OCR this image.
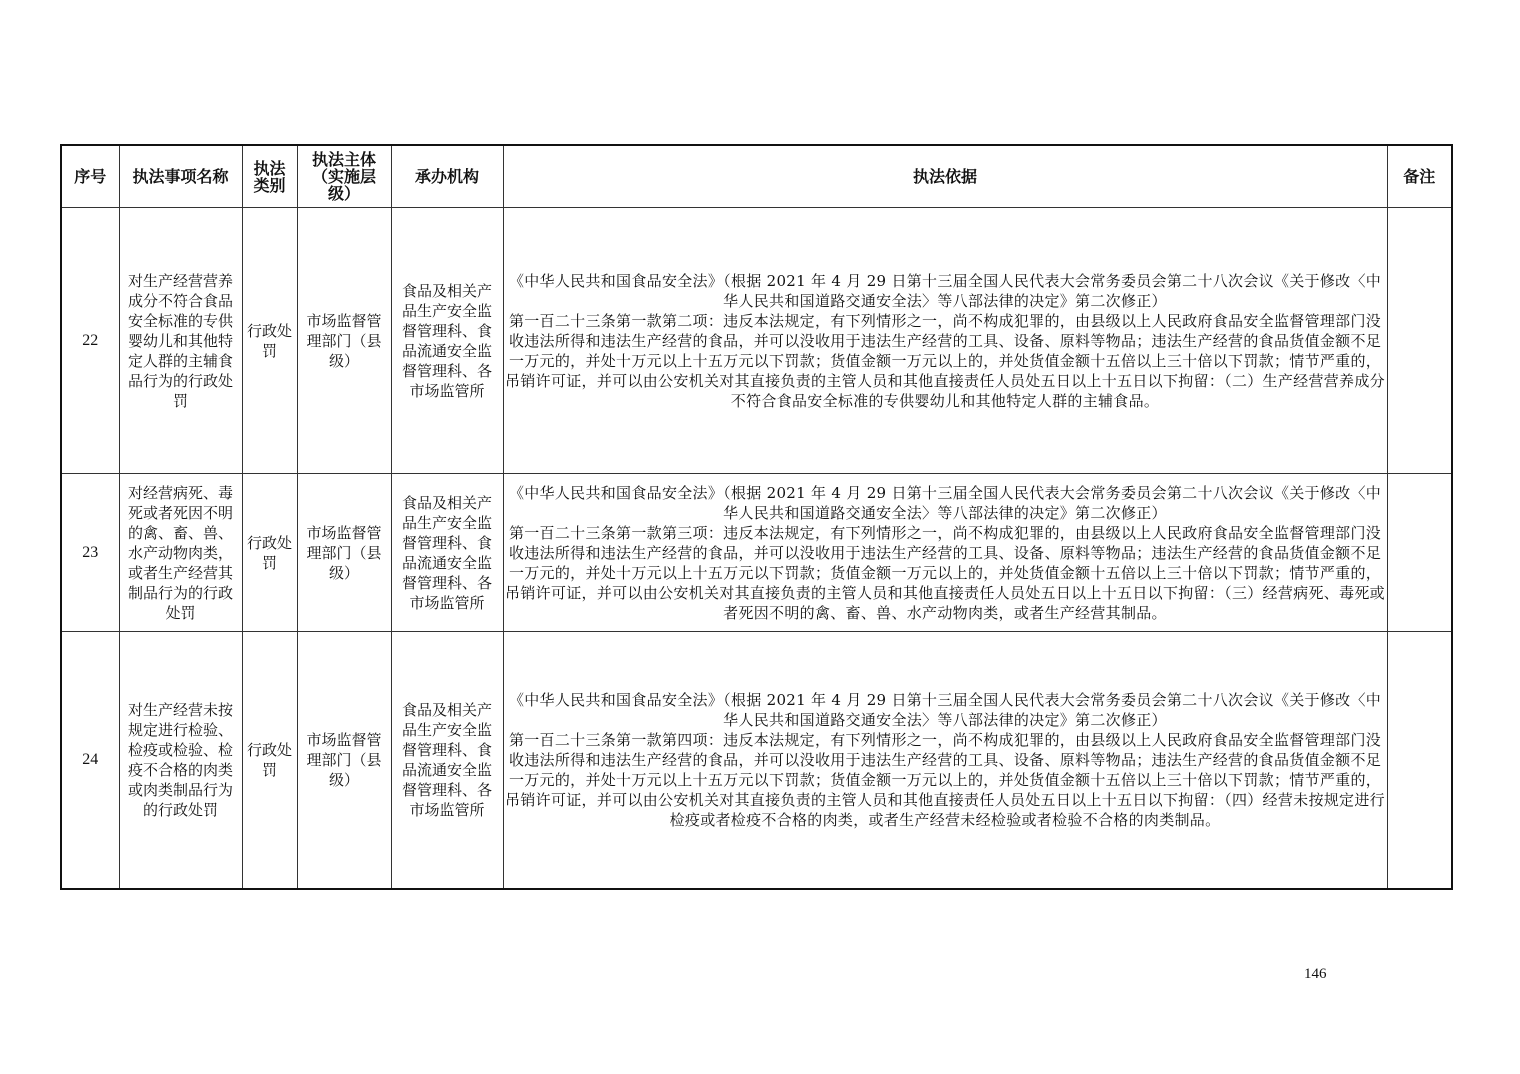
序号	执法事项名称	执法类别	执法主体（实施层级）	承办机构	执法依据	备注

22	对生产经营营养成分不符合食品安全标准的专供婴幼儿和其他特定人群的主辅食品行为的行政处罚	行政处罚	市场监督管理部门（县级）	食品及相关产品生产安全监督管理科、食品流通安全监督管理科、各市场监管所	《中华人民共和国食品安全法》（根据 2021 年 4 月 29 日第十三届全国人民代表大会常务委员会第二十八次会议《关于修改〈中华人民共和国道路交通安全法〉等八部法律的决定》第二次修正）
第一百二十三条第一款第二项：违反本法规定，有下列情形之一，尚不构成犯罪的，由县级以上人民政府食品安全监督管理部门没收违法所得和违法生产经营的食品，并可以没收用于违法生产经营的工具、设备、原料等物品；违法生产经营的食品货值金额不足一万元的，并处十万元以上十五万元以下罚款；货值金额一万元以上的，并处货值金额十五倍以上三十倍以下罚款；情节严重的，吊销许可证，并可以由公安机关对其直接负责的主管人员和其他直接责任人员处五日以上十五日以下拘留：（二）生产经营营养成分不符合食品安全标准的专供婴幼儿和其他特定人群的主辅食品。	

23	对经营病死、毒死或者死因不明的禽、畜、兽、水产动物肉类，或者生产经营其制品行为的行政处罚	行政处罚	市场监督管理部门（县级）	食品及相关产品生产安全监督管理科、食品流通安全监督管理科、各市场监管所	《中华人民共和国食品安全法》（根据 2021 年 4 月 29 日第十三届全国人民代表大会常务委员会第二十八次会议《关于修改〈中华人民共和国道路交通安全法〉等八部法律的决定》第二次修正）
第一百二十三条第一款第三项：违反本法规定，有下列情形之一，尚不构成犯罪的，由县级以上人民政府食品安全监督管理部门没收违法所得和违法生产经营的食品，并可以没收用于违法生产经营的工具、设备、原料等物品；违法生产经营的食品货值金额不足一万元的，并处十万元以上十五万元以下罚款；货值金额一万元以上的，并处货值金额十五倍以上三十倍以下罚款；情节严重的，吊销许可证，并可以由公安机关对其直接负责的主管人员和其他直接责任人员处五日以上十五日以下拘留：（三）经营病死、毒死或者死因不明的禽、畜、兽、水产动物肉类，或者生产经营其制品。	

24	对生产经营未按规定进行检验、检疫或检验、检疫不合格的肉类或肉类制品行为的行政处罚	行政处罚	市场监督管理部门（县级）	食品及相关产品生产安全监督管理科、食品流通安全监督管理科、各市场监管所	《中华人民共和国食品安全法》（根据 2021 年 4 月 29 日第十三届全国人民代表大会常务委员会第二十八次会议《关于修改〈中华人民共和国道路交通安全法〉等八部法律的决定》第二次修正）
第一百二十三条第一款第四项：违反本法规定，有下列情形之一，尚不构成犯罪的，由县级以上人民政府食品安全监督管理部门没收违法所得和违法生产经营的食品，并可以没收用于违法生产经营的工具、设备、原料等物品；违法生产经营的食品货值金额不足一万元的，并处十万元以上十五万元以下罚款；货值金额一万元以上的，并处货值金额十五倍以上三十倍以下罚款；情节严重的，吊销许可证，并可以由公安机关对其直接负责的主管人员和其他直接责任人员处五日以上十五日以下拘留：（四）经营未按规定进行检疫或者检疫不合格的肉类，或者生产经营未经检验或者检验不合格的肉类制品。	

146
